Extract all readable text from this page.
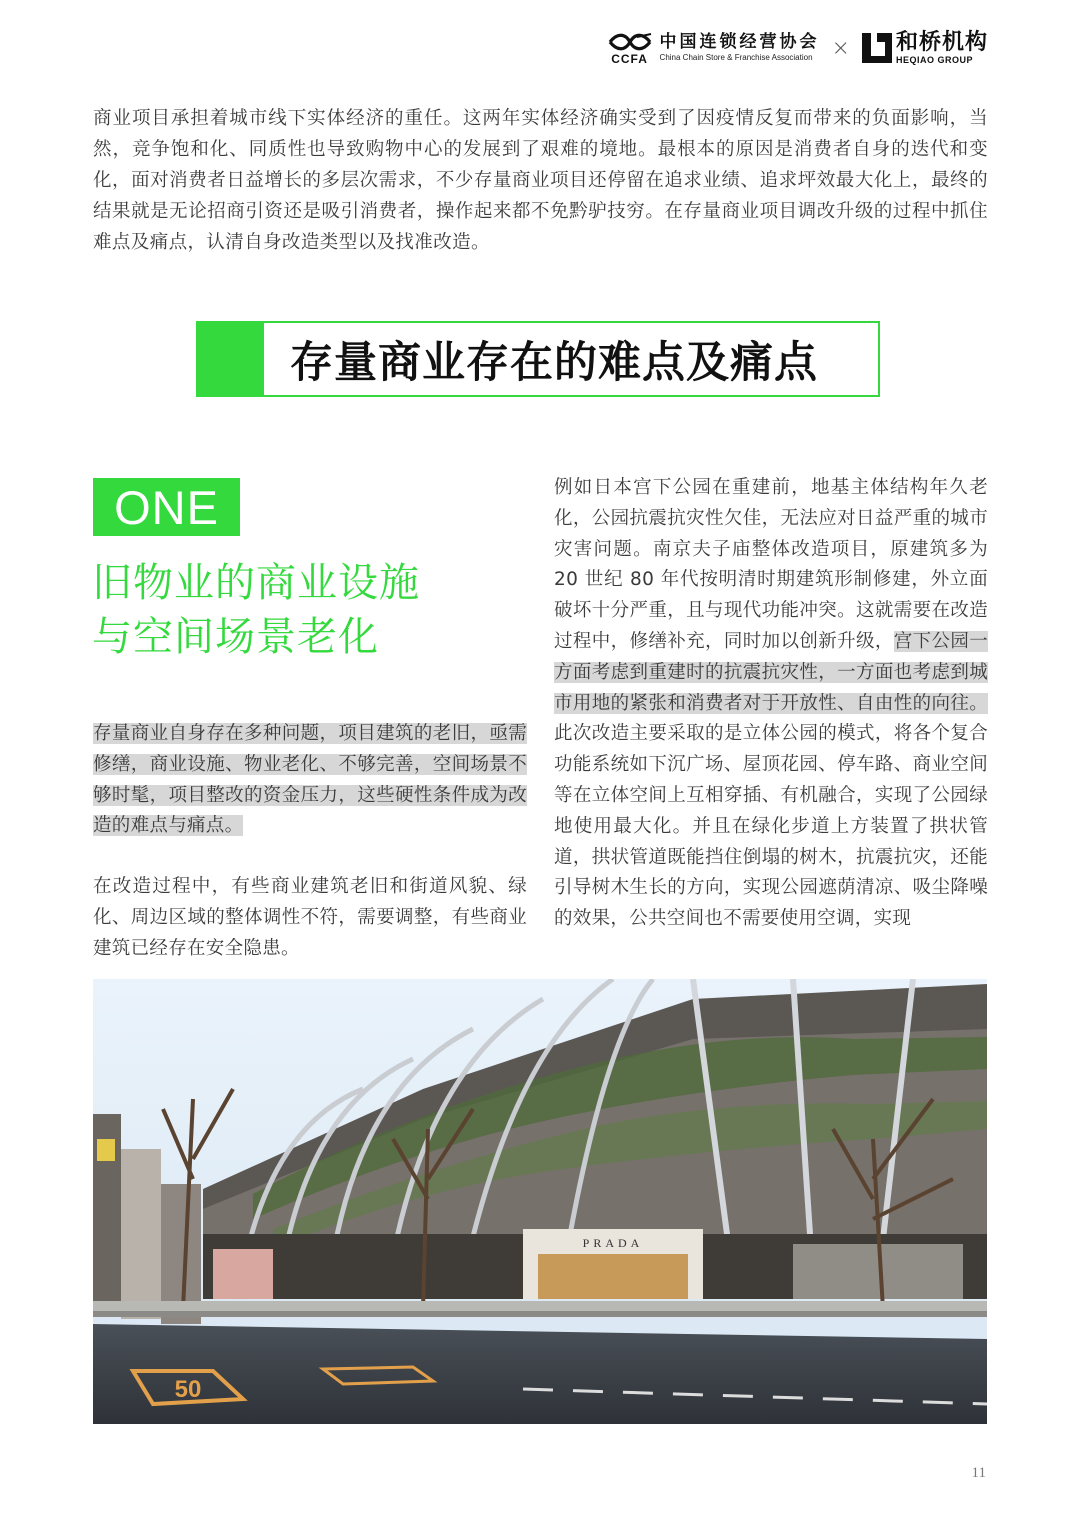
CCFA
中国连锁经营协会
China Chain Store & Franchise Association × 和桥机构
HEQIAO GROUP

商业项目承担着城市线下实体经济的重任。这两年实体经济确实受到了因疫情反复而带来的负面影响，当然，竞争饱和化、同质性也导致购物中心的发展到了艰难的境地。最根本的原因是消费者自身的迭代和变化，面对消费者日益增长的多层次需求，不少存量商业项目还停留在追求业绩、追求坪效最大化上，最终的结果就是无论招商引资还是吸引消费者，操作起来都不免黔驴技穷。在存量商业项目调改升级的过程中抓住难点及痛点，认清自身改造类型以及找准改造。

存量商业存在的难点及痛点
ONE
旧物业的商业设施
与空间场景老化

存量商业自身存在多种问题，项目建筑的老旧，亟需修缮，商业设施、物业老化、不够完善，空间场景不够时髦，项目整改的资金压力，这些硬性条件成为改造的难点与痛点。

在改造过程中，有些商业建筑老旧和街道风貌、绿化、周边区域的整体调性不符，需要调整，有些商业建筑已经存在安全隐患。

例如日本宫下公园在重建前，地基主体结构年久老化，公园抗震抗灾性欠佳，无法应对日益严重的城市灾害问题。南京夫子庙整体改造项目，原建筑多为 20 世纪 80 年代按明清时期建筑形制修建，外立面破坏十分严重，且与现代功能冲突。这就需要在改造过程中，修缮补充，同时加以创新升级，宫下公园一方面考虑到重建时的抗震抗灾性，一方面也考虑到城市用地的紧张和消费者对于开放性、自由性的向往。此次改造主要采取的是立体公园的模式，将各个复合功能系统如下沉广场、屋顶花园、停车路、商业空间等在立体空间上互相穿插、有机融合，实现了公园绿地使用最大化。并且在绿化步道上方装置了拱状管道，拱状管道既能挡住倒塌的树木，抗震抗灾，还能引导树木生长的方向，实现公园遮荫清凉、吸尘降噪的效果，公共空间也不需要使用空调，实现

PRADA
50
11
